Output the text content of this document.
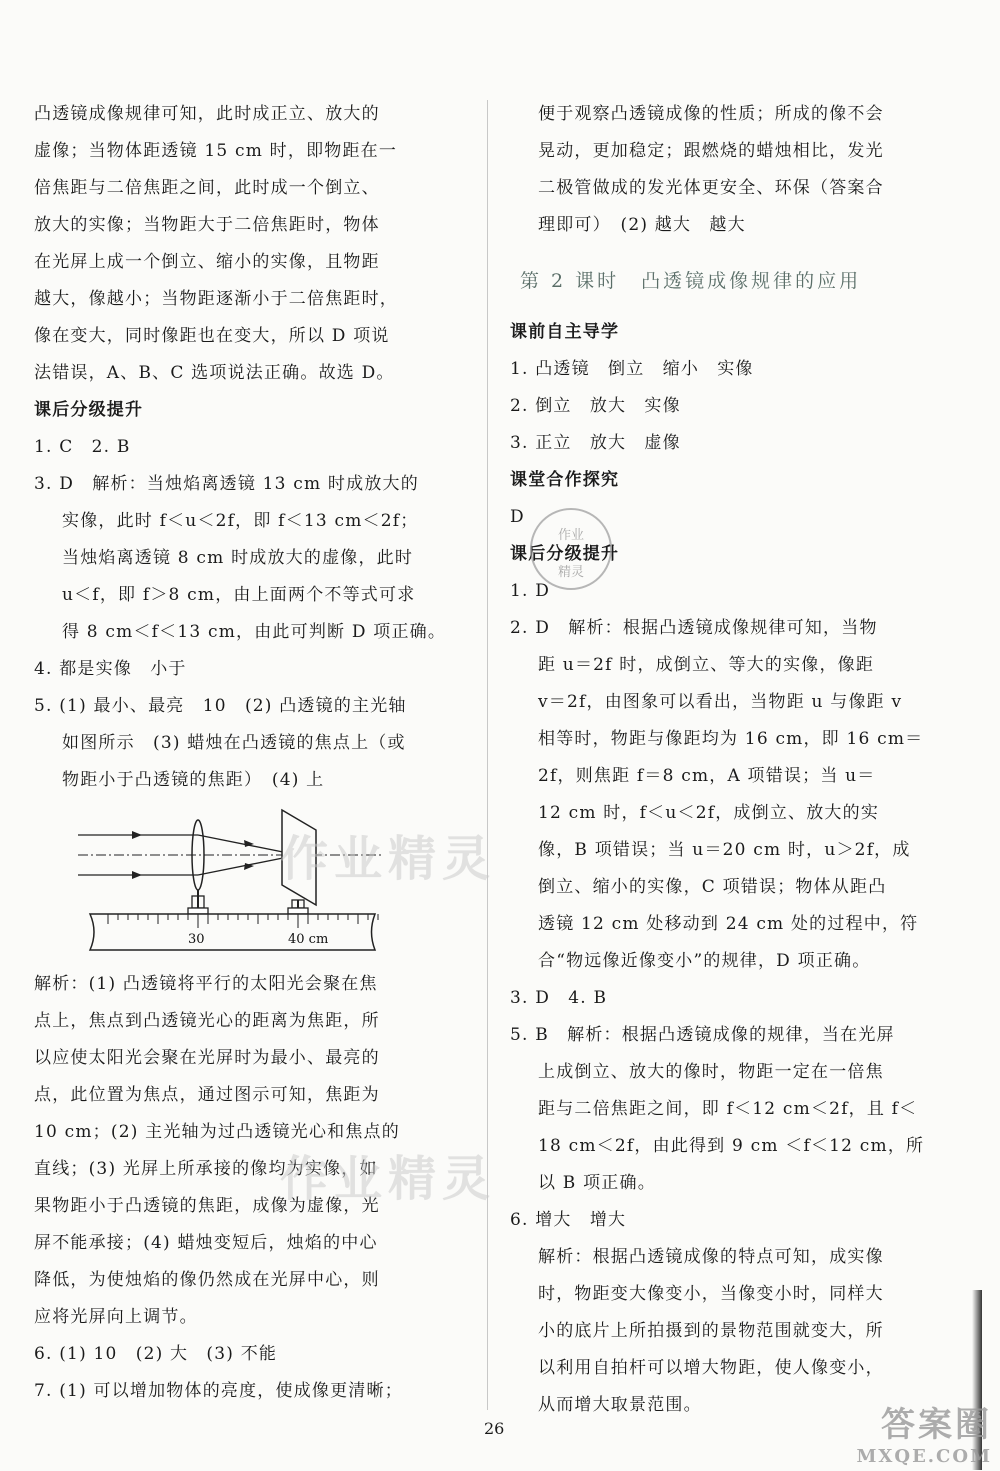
凸透镜成像规律可知，此时成正立、放大的
虚像；当物体距透镜 15 cm 时，即物距在一
倍焦距与二倍焦距之间，此时成一个倒立、
放大的实像；当物距大于二倍焦距时，物体
在光屏上成一个倒立、缩小的实像，且物距
越大，像越小；当物距逐渐小于二倍焦距时，
像在变大，同时像距也在变大，所以 D 项说
法错误，A、B、C 选项说法正确。故选 D。
课后分级提升
1. C　2. B
3. D　解析：当烛焰离透镜 13 cm 时成放大的
实像，此时 f＜u＜2f，即 f＜13 cm＜2f；
当烛焰离透镜 8 cm 时成放大的虚像，此时
u＜f，即 f＞8 cm，由上面两个不等式可求
得 8 cm＜f＜13 cm，由此可判断 D 项正确。
4. 都是实像　小于
5. (1) 最小、最亮　10　(2) 凸透镜的主光轴
如图所示　(3) 蜡烛在凸透镜的焦点上（或
物距小于凸透镜的焦距）　(4) 上
30	40 cm
解析：(1) 凸透镜将平行的太阳光会聚在焦
点上，焦点到凸透镜光心的距离为焦距，所
以应使太阳光会聚在光屏时为最小、最亮的
点，此位置为焦点，通过图示可知，焦距为
10 cm；(2) 主光轴为过凸透镜光心和焦点的
直线；(3) 光屏上所承接的像均为实像，如
果物距小于凸透镜的焦距，成像为虚像，光
屏不能承接；(4) 蜡烛变短后，烛焰的中心
降低，为使烛焰的像仍然成在光屏中心，则
应将光屏向上调节。
6. (1) 10　(2) 大　(3) 不能
7. (1) 可以增加物体的亮度，使成像更清晰；
便于观察凸透镜成像的性质；所成的像不会
晃动，更加稳定；跟燃烧的蜡烛相比，发光
二极管做成的发光体更安全、环保（答案合
理即可）　(2) 越大　越大
第 2 课时　凸透镜成像规律的应用
课前自主导学
1. 凸透镜　倒立　缩小　实像
2. 倒立　放大　实像
3. 正立　放大　虚像
课堂合作探究
D
课后分级提升
1. D
2. D　解析：根据凸透镜成像规律可知，当物
距 u＝2f 时，成倒立、等大的实像，像距
v＝2f，由图象可以看出，当物距 u 与像距 v
相等时，物距与像距均为 16 cm，即 16 cm＝
2f，则焦距 f＝8 cm，A 项错误；当 u＝
12 cm 时，f＜u＜2f，成倒立、放大的实
像，B 项错误；当 u＝20 cm 时，u＞2f，成
倒立、缩小的实像，C 项错误；物体从距凸
透镜 12 cm 处移动到 24 cm 处的过程中，符
合“物远像近像变小”的规律，D 项正确。
3. D　4. B
5. B　解析：根据凸透镜成像的规律，当在光屏
上成倒立、放大的像时，物距一定在一倍焦
距与二倍焦距之间，即 f＜12 cm＜2f，且 f＜
18 cm＜2f，由此得到 9 cm ＜f＜12 cm，所
以 B 项正确。
6. 增大　增大
解析：根据凸透镜成像的特点可知，成实像
时，物距变大像变小，当像变小时，同样大
小的底片上所拍摄到的景物范围就变大，所
以利用自拍杆可以增大物距，使人像变小，
从而增大取景范围。
作业
精灵
作业精灵
作业精灵
26	答案圈
MXQE.COM
